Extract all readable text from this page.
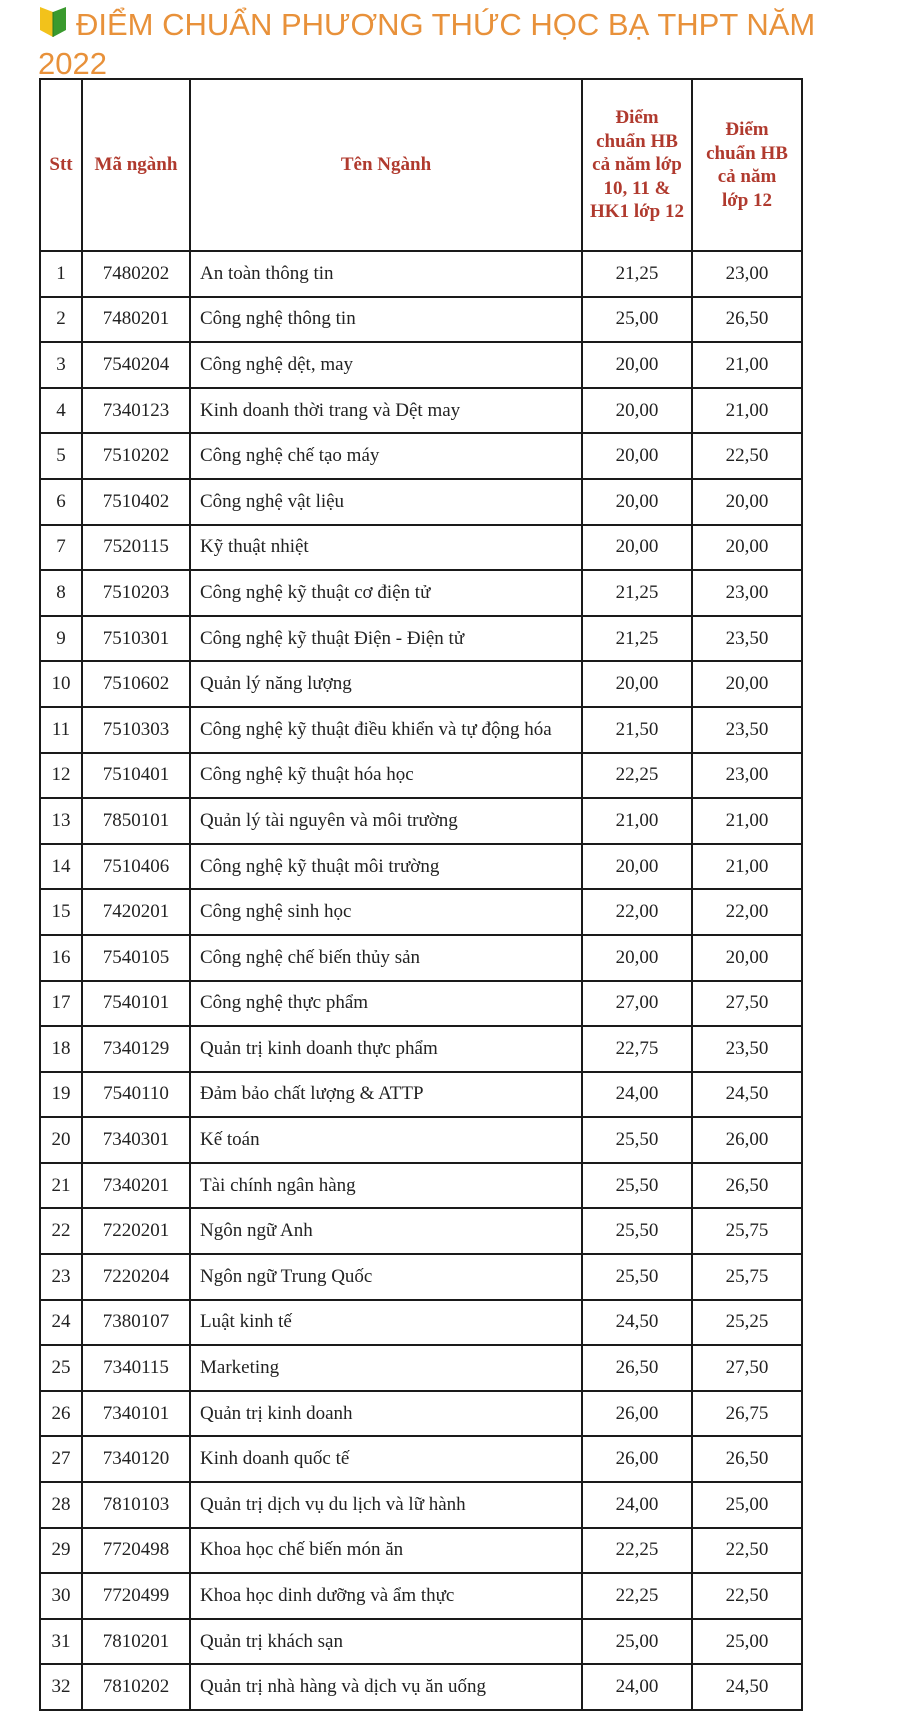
ĐIỂM CHUẨN PHƯƠNG THỨC HỌC BẠ THPT NĂM 2022
Stt	Mã ngành	Tên Ngành	Điểm chuẩn HB cả năm lớp 10, 11 & HK1 lớp 12	Điểm chuẩn HB cả năm lớp 12
1	7480202	An toàn thông tin	21,25	23,00
2	7480201	Công nghệ thông tin	25,00	26,50
3	7540204	Công nghệ dệt, may	20,00	21,00
4	7340123	Kinh doanh thời trang và Dệt may	20,00	21,00
5	7510202	Công nghệ chế tạo máy	20,00	22,50
6	7510402	Công nghệ vật liệu	20,00	20,00
7	7520115	Kỹ thuật nhiệt	20,00	20,00
8	7510203	Công nghệ kỹ thuật cơ điện tử	21,25	23,00
9	7510301	Công nghệ kỹ thuật Điện - Điện tử	21,25	23,50
10	7510602	Quản lý năng lượng	20,00	20,00
11	7510303	Công nghệ kỹ thuật điều khiển và tự động hóa	21,50	23,50
12	7510401	Công nghệ kỹ thuật hóa học	22,25	23,00
13	7850101	Quản lý tài nguyên và môi trường	21,00	21,00
14	7510406	Công nghệ kỹ thuật môi trường	20,00	21,00
15	7420201	Công nghệ sinh học	22,00	22,00
16	7540105	Công nghệ chế biến thủy sản	20,00	20,00
17	7540101	Công nghệ thực phẩm	27,00	27,50
18	7340129	Quản trị kinh doanh thực phẩm	22,75	23,50
19	7540110	Đảm bảo chất lượng & ATTP	24,00	24,50
20	7340301	Kế toán	25,50	26,00
21	7340201	Tài chính ngân hàng	25,50	26,50
22	7220201	Ngôn ngữ Anh	25,50	25,75
23	7220204	Ngôn ngữ Trung Quốc	25,50	25,75
24	7380107	Luật kinh tế	24,50	25,25
25	7340115	Marketing	26,50	27,50
26	7340101	Quản trị kinh doanh	26,00	26,75
27	7340120	Kinh doanh quốc tế	26,00	26,50
28	7810103	Quản trị dịch vụ du lịch và lữ hành	24,00	25,00
29	7720498	Khoa học chế biến món ăn	22,25	22,50
30	7720499	Khoa học dinh dưỡng và ẩm thực	22,25	22,50
31	7810201	Quản trị khách sạn	25,00	25,00
32	7810202	Quản trị nhà hàng và dịch vụ ăn uống	24,00	24,50
